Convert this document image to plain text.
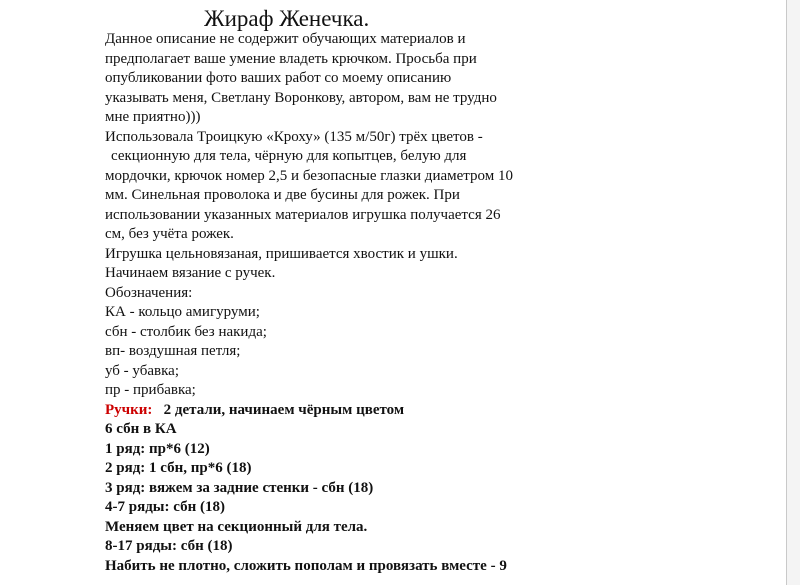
Жираф Женечка.
Данное описание не содержит обучающих материалов и
предполагает ваше умение владеть крючком. Просьба при
опубликовании фото ваших работ со моему описанию
указывать меня, Светлану Воронкову, автором, вам не трудно
мне приятно)))
Использовала Троицкую «Кроху» (135 м/50г) трёх цветов -
секционную для тела, чёрную для копытцев, белую для
мордочки, крючок номер 2,5 и безопасные глазки диаметром 10
мм. Синельная проволока и две бусины для рожек. При
использовании указанных материалов игрушка получается 26
см, без учёта рожек.
Игрушка цельновязаная, пришивается хвостик и ушки.
Начинаем вязание с ручек.
Обозначения:
КА - кольцо амигуруми;
сбн - столбик без накида;
вп- воздушная петля;
уб - убавка;
пр - прибавка;
Ручки: 2 детали, начинаем чёрным цветом
6 сбн в КА
1 ряд: пр*6 (12)
2 ряд: 1 сбн, пр*6 (18)
3 ряд: вяжем за задние стенки - сбн (18)
4-7 ряды: сбн (18)
Меняем цвет на секционный для тела.
8-17 ряды: сбн (18)
Набить не плотно, сложить пополам и провязать вместе - 9
